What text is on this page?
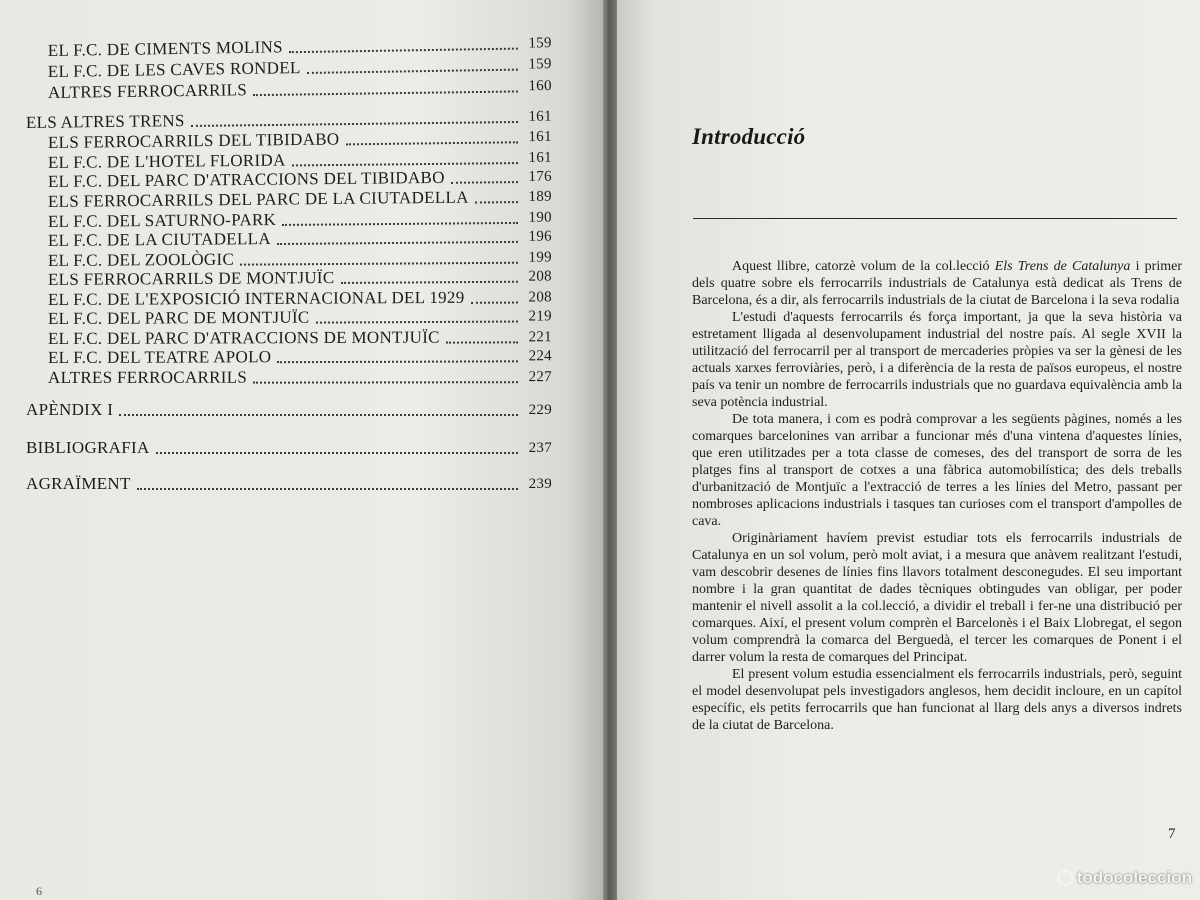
EL F.C. DE CIMENTS MOLINS	159
EL F.C. DE LES CAVES RONDEL	159
ALTRES FERROCARRILS	160
ELS ALTRES TRENS	161
ELS FERROCARRILS DEL TIBIDABO	161
EL F.C. DE L'HOTEL FLORIDA	161
EL F.C. DEL PARC D'ATRACCIONS DEL TIBIDABO	176
ELS FERROCARRILS DEL PARC DE LA CIUTADELLA	189
EL F.C. DEL SATURNO-PARK	190
EL F.C. DE LA CIUTADELLA	196
EL F.C. DEL ZOOLÒGIC	199
ELS FERROCARRILS DE MONTJUÏC	208
EL F.C. DE L'EXPOSICIÓ INTERNACIONAL DEL 1929	208
EL F.C. DEL PARC DE MONTJUÏC	219
EL F.C. DEL PARC D'ATRACCIONS DE MONTJUÏC	221
EL F.C. DEL TEATRE APOLO	224
ALTRES FERROCARRILS	227
APÈNDIX I	229
BIBLIOGRAFIA	237
AGRAÏMENT	239
6
Introducció

Aquest llibre, catorzè volum de la col.lecció Els Trens de Catalunya i primer dels quatre sobre els ferrocarrils industrials de Catalunya està dedicat als Trens de Barcelona, és a dir, als ferrocarrils industrials de la ciutat de Barcelona i la seva rodalia

L'estudi d'aquests ferrocarrils és força important, ja que la seva història va estretament lligada al desenvolupament industrial del nostre país. Al segle XVII la utilització del ferrocarril per al transport de mercaderies pròpies va ser la gènesi de les actuals xarxes ferroviàries, però, i a diferència de la resta de països europeus, el nostre país va tenir un nombre de ferrocarrils industrials que no guardava equivalència amb la seva potència industrial.

De tota manera, i com es podrà comprovar a les següents pàgines, només a les comarques barcelonines van arribar a funcionar més d'una vintena d'aquestes línies, que eren utilitzades per a tota classe de comeses, des del transport de sorra de les platges fins al transport de cotxes a una fàbrica automobilística; des dels treballs d'urbanització de Montjuïc a l'extracció de terres a les línies del Metro, passant per nombroses aplicacions industrials i tasques tan curioses com el transport d'ampolles de cava.

Originàriament havíem previst estudiar tots els ferrocarrils industrials de Catalunya en un sol volum, però molt aviat, i a mesura que anàvem realitzant l'estudi, vam descobrir desenes de línies fins llavors totalment desconegudes. El seu important nombre i la gran quantitat de dades tècniques obtingudes van obligar, per poder mantenir el nivell assolit a la col.lecció, a dividir el treball i fer-ne una distribució per comarques. Així, el present volum comprèn el Barcelonès i el Baix Llobregat, el segon volum comprendrà la comarca del Berguedà, el tercer les comarques de Ponent i el darrer volum la resta de comarques del Principat.

El present volum estudia essencialment els ferrocarrils industrials, però, seguint el model desenvolupat pels investigadors anglesos, hem decidit incloure, en un capítol específic, els petits ferrocarrils que han funcionat al llarg dels anys a diversos indrets de la ciutat de Barcelona.

7
todocoleccion
